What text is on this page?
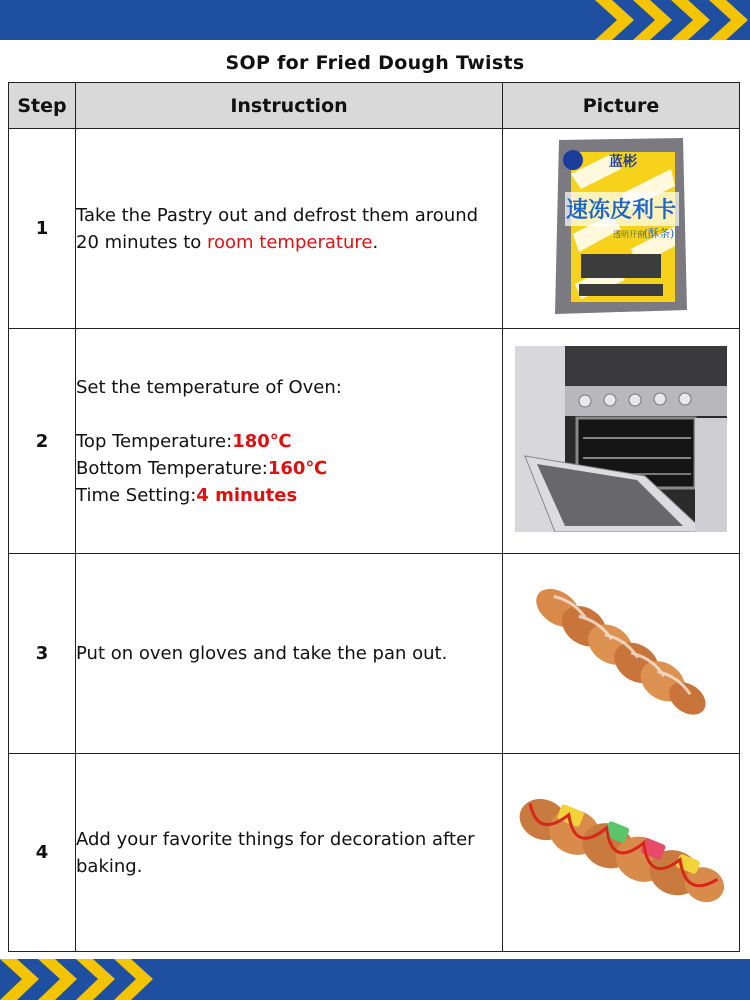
SOP for Fried Dough Twists
Step	Instruction	Picture
1	Take the Pastry out and defrost them around 20 minutes to room temperature.	蓝彬
速冻皮利卡
(酥条)
透明开窗

2	Set the temperature of Oven:
Top Temperature:180℃
Bottom Temperature:160℃
Time Setting:4 minutes

3	Put on oven gloves and take the pan out.	
4	Add your favorite things for decoration after baking.	
